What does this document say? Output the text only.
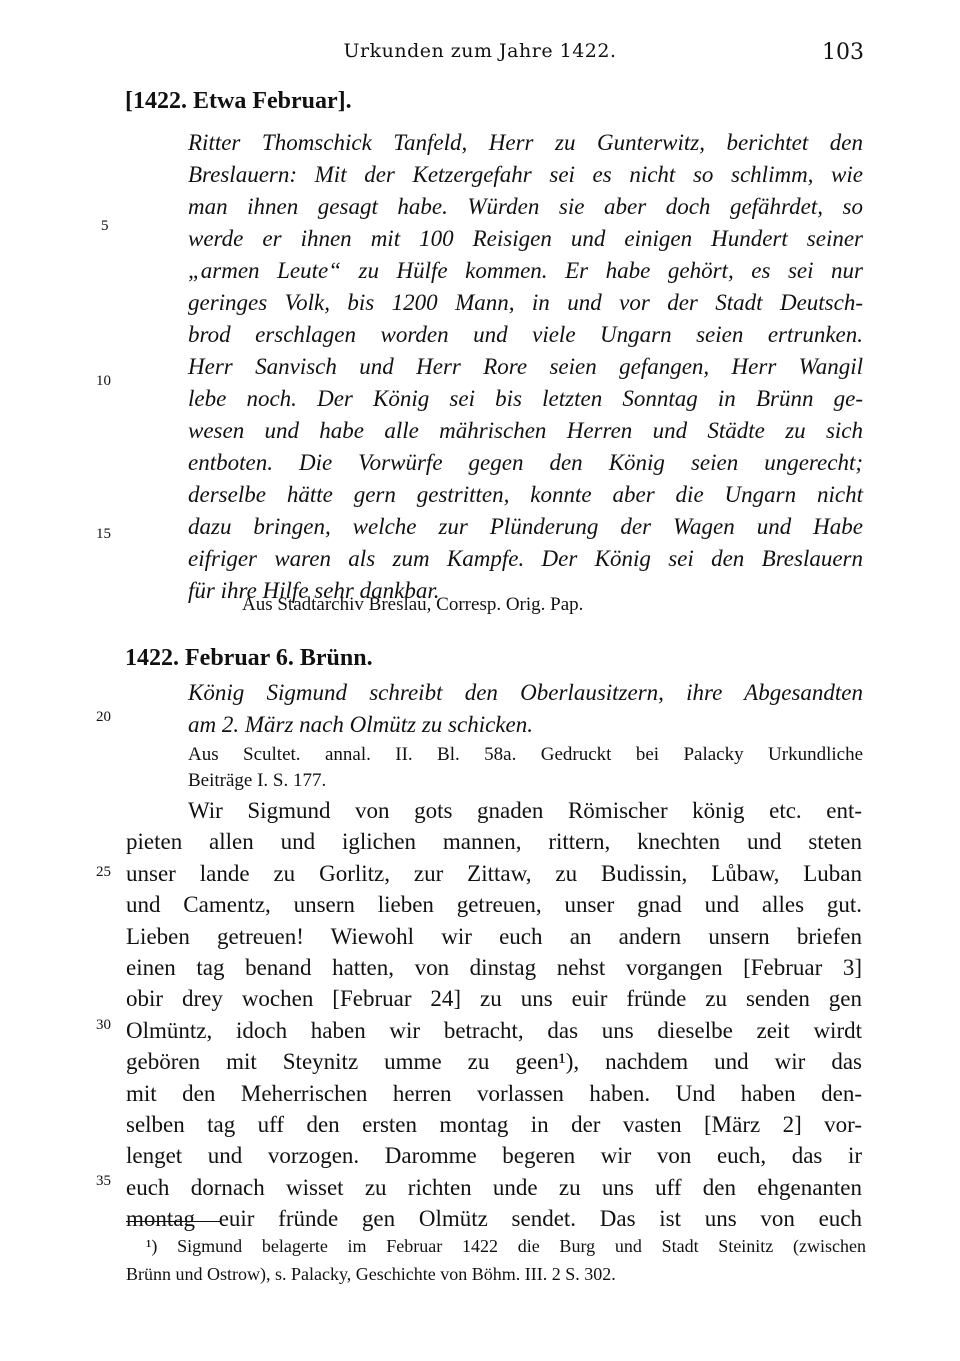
Urkunden zum Jahre 1422.	103
[1422. Etwa Februar].
Ritter Thomschick Tanfeld, Herr zu Gunterwitz, berichtet den
Breslauern: Mit der Ketzergefahr sei es nicht so schlimm, wie
man ihnen gesagt habe. Würden sie aber doch gefährdet, so
werde er ihnen mit 100 Reisigen und einigen Hundert seiner
„armen Leute“ zu Hülfe kommen. Er habe gehört, es sei nur
geringes Volk, bis 1200 Mann, in und vor der Stadt Deutsch-
brod erschlagen worden und viele Ungarn seien ertrunken.
Herr Sanvisch und Herr Rore seien gefangen, Herr Wangil
lebe noch. Der König sei bis letzten Sonntag in Brünn ge-
wesen und habe alle mährischen Herren und Städte zu sich
entboten. Die Vorwürfe gegen den König seien ungerecht;
derselbe hätte gern gestritten, konnte aber die Ungarn nicht
dazu bringen, welche zur Plünderung der Wagen und Habe
eifriger waren als zum Kampfe. Der König sei den Breslauern
für ihre Hilfe sehr dankbar.
Aus Stadtarchiv Breslau, Corresp. Orig. Pap.
1422. Februar 6. Brünn.
König Sigmund schreibt den Oberlausitzern, ihre Abgesandten
am 2. März nach Olmütz zu schicken.
Aus Scultet. annal. II. Bl. 58a. Gedruckt bei Palacky Urkundliche
Beiträge I. S. 177.
Wir Sigmund von gots gnaden Römischer könig etc. ent-
pieten allen und iglichen mannen, rittern, knechten und steten
unser lande zu Gorlitz, zur Zittaw, zu Budissin, Lůbaw, Luban
und Camentz, unsern lieben getreuen, unser gnad und alles gut.
Lieben getreuen! Wiewohl wir euch an andern unsern briefen
einen tag benand hatten, von dinstag nehst vorgangen [Februar 3]
obir drey wochen [Februar 24] zu uns euir fründe zu senden gen
Olmüntz, idoch haben wir betracht, das uns dieselbe zeit wirdt
gebören mit Steynitz umme zu geen¹), nachdem und wir das
mit den Meherrischen herren vorlassen haben. Und haben den-
selben tag uff den ersten montag in der vasten [März 2] vor-
lenget und vorzogen. Daromme begeren wir von euch, das ir
euch dornach wisset zu richten unde zu uns uff den ehgenanten
montag euir fründe gen Olmütz sendet. Das ist uns von euch
5
10
15
20
25
30
35
¹) Sigmund belagerte im Februar 1422 die Burg und Stadt Steinitz (zwischen
Brünn und Ostrow), s. Palacky, Geschichte von Böhm. III. 2 S. 302.
